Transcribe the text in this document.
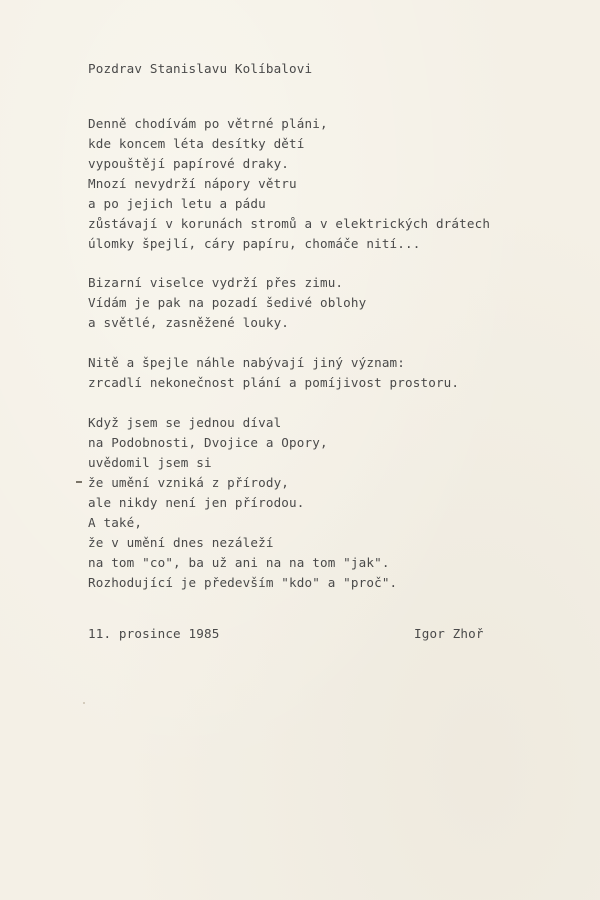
Pozdrav Stanislavu Kolíbalovi
Denně chodívám po větrné pláni,
kde koncem léta desítky dětí
vypouštějí papírové draky.
Mnozí nevydrží nápory větru
a po jejich letu a pádu
zůstávají v korunách stromů a v elektrických drátech
úlomky špejlí, cáry papíru, chomáče nití...
Bizarní viselce vydrží přes zimu.
Vídám je pak na pozadí šedivé oblohy
a světlé, zasněžené louky.
Nitě a špejle náhle nabývají jiný význam:
zrcadlí nekonečnost plání a pomíjivost prostoru.
Když jsem se jednou díval
na Podobnosti, Dvojice a Opory,
uvědomil jsem si
že umění vzniká z přírody,
ale nikdy není jen přírodou.
A také,
že v umění dnes nezáleží
na tom "co", ba už ani na na tom "jak".
Rozhodující je především "kdo" a "proč".
11. prosince 1985	Igor Zhoř
